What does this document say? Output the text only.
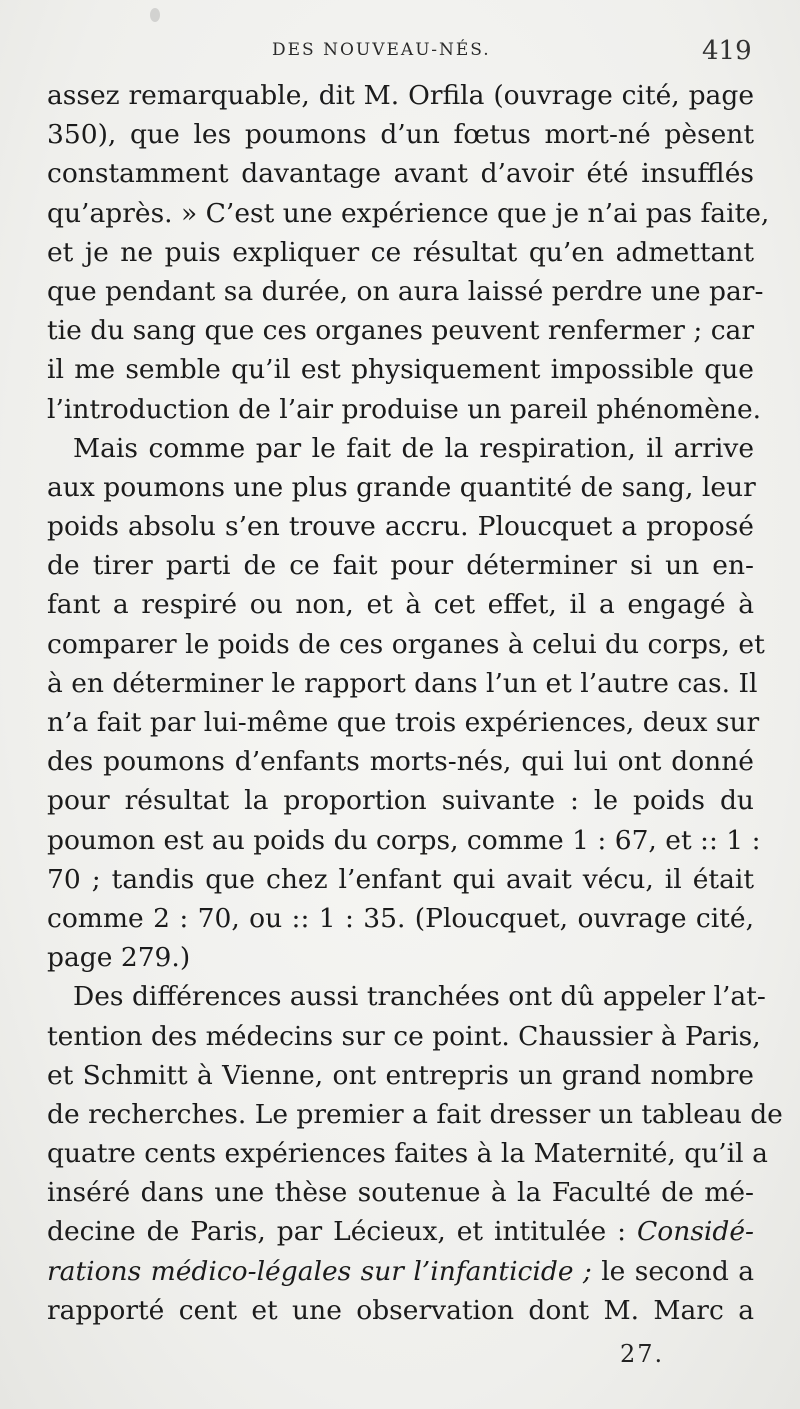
DES NOUVEAU-NÉS.	419
assez remarquable, dit M. Orfila (ouvrage cité, page
350), que les poumons d’un fœtus mort-né pèsent
constamment davantage avant d’avoir été insufflés
qu’après. » C’est une expérience que je n’ai pas faite,
et je ne puis expliquer ce résultat qu’en admettant
que pendant sa durée, on aura laissé perdre une par-
tie du sang que ces organes peuvent renfermer ; car
il me semble qu’il est physiquement impossible que
l’introduction de l’air produise un pareil phénomène.
Mais comme par le fait de la respiration, il arrive
aux poumons une plus grande quantité de sang, leur
poids absolu s’en trouve accru. Ploucquet a proposé
de tirer parti de ce fait pour déterminer si un en-
fant a respiré ou non, et à cet effet, il a engagé à
comparer le poids de ces organes à celui du corps, et
à en déterminer le rapport dans l’un et l’autre cas. Il
n’a fait par lui-même que trois expériences, deux sur
des poumons d’enfants morts-nés, qui lui ont donné
pour résultat la proportion suivante : le poids du
poumon est au poids du corps, comme 1 : 67, et :: 1 :
70 ; tandis que chez l’enfant qui avait vécu, il était
comme 2 : 70, ou :: 1 : 35. (Ploucquet, ouvrage cité,
page 279.)
Des différences aussi tranchées ont dû appeler l’at-
tention des médecins sur ce point. Chaussier à Paris,
et Schmitt à Vienne, ont entrepris un grand nombre
de recherches. Le premier a fait dresser un tableau de
quatre cents expériences faites à la Maternité, qu’il a
inséré dans une thèse soutenue à la Faculté de mé-
decine de Paris, par Lécieux, et intitulée : Considé-
rations médico-légales sur l’infanticide ; le second a
rapporté cent et une observation dont M. Marc a
27.
